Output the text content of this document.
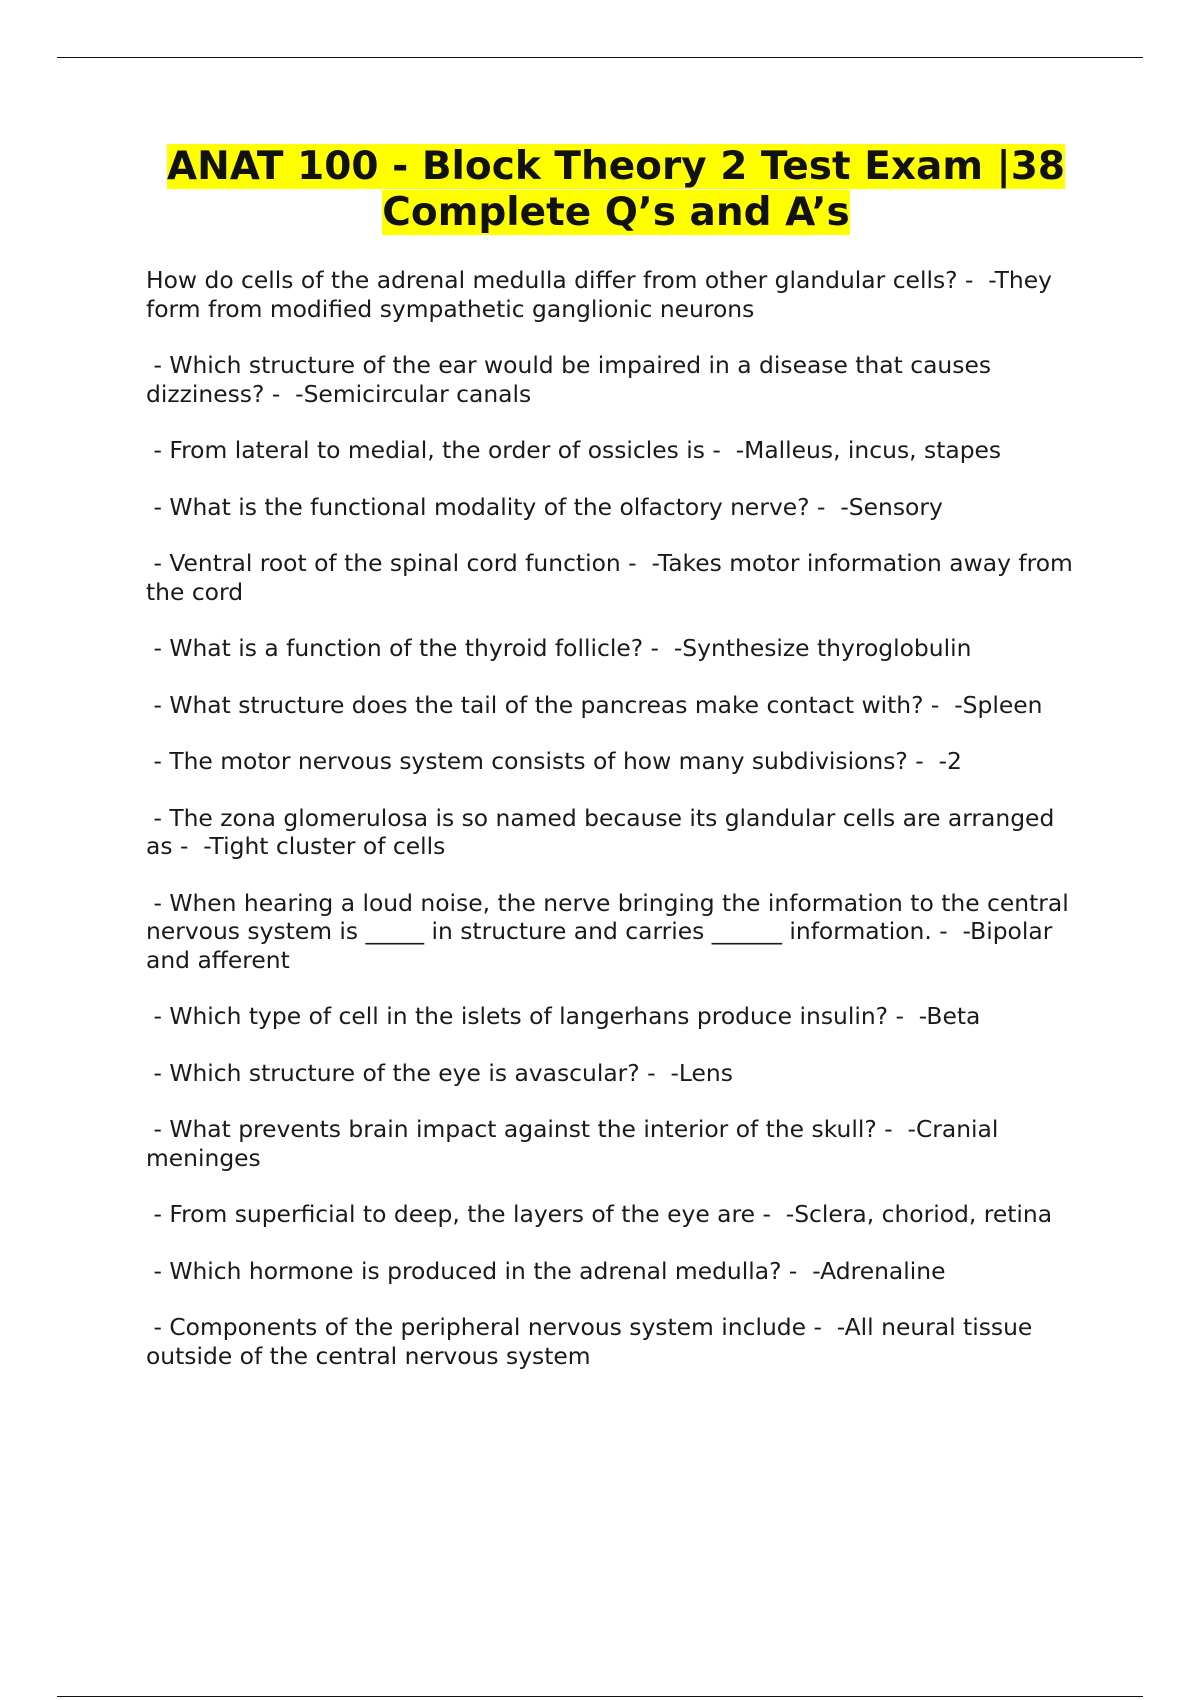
ANAT 100 - Block Theory 2 Test Exam |38 Complete Q’s and A’s
How do cells of the adrenal medulla differ from other glandular cells? -  -They form from modified sympathetic ganglionic neurons
- Which structure of the ear would be impaired in a disease that causes dizziness? -  -Semicircular canals
- From lateral to medial, the order of ossicles is -  -Malleus, incus, stapes
- What is the functional modality of the olfactory nerve? -  -Sensory
- Ventral root of the spinal cord function -  -Takes motor information away from the cord
- What is a function of the thyroid follicle? -  -Synthesize thyroglobulin
- What structure does the tail of the pancreas make contact with? -  -Spleen
- The motor nervous system consists of how many subdivisions? -  -2
- The zona glomerulosa is so named because its glandular cells are arranged as -  -Tight cluster of cells
- When hearing a loud noise, the nerve bringing the information to the central nervous system is _____ in structure and carries ______ information. -  -Bipolar and afferent
- Which type of cell in the islets of langerhans produce insulin? -  -Beta
- Which structure of the eye is avascular? -  -Lens
- What prevents brain impact against the interior of the skull? -  -Cranial meninges
- From superficial to deep, the layers of the eye are -  -Sclera, choriod, retina
- Which hormone is produced in the adrenal medulla? -  -Adrenaline
- Components of the peripheral nervous system include -  -All neural tissue outside of the central nervous system
